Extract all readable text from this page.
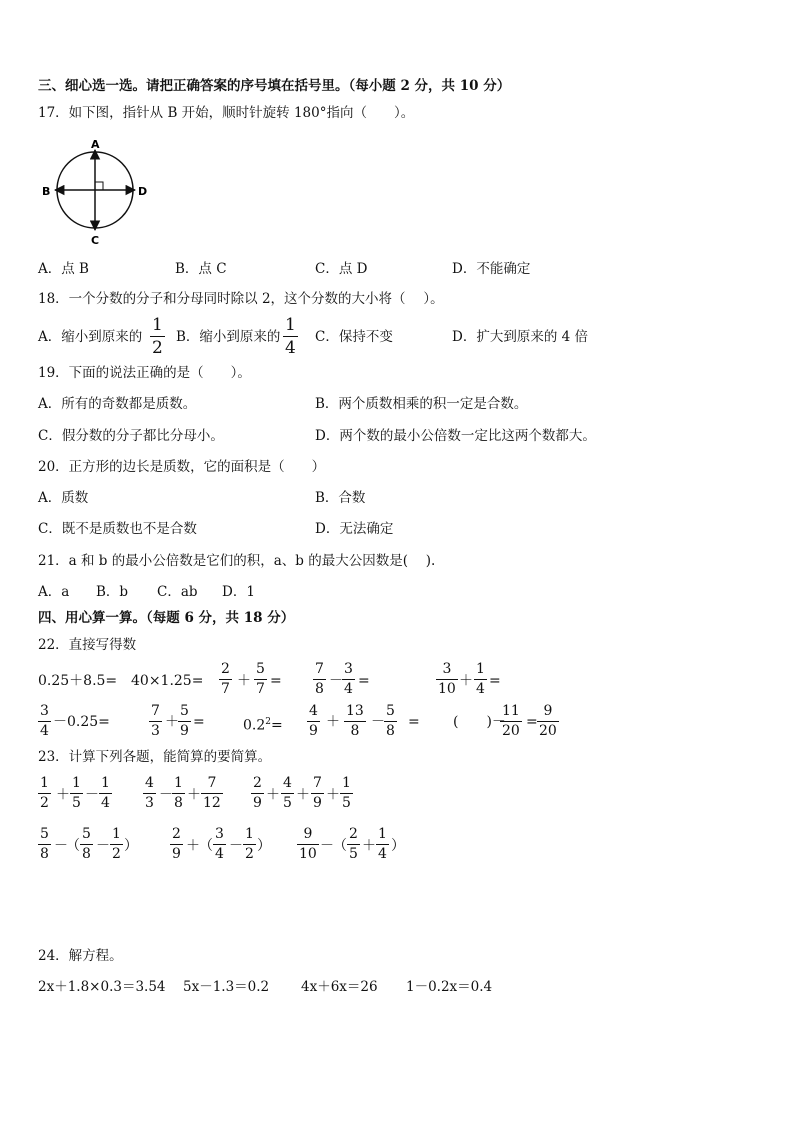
三、细心选一选。请把正确答案的序号填在括号里。（每小题 2 分，共 10 分）
17．如下图，指针从 B 开始，顺时针旋转 180°指向（　　）。
A
B
C
D
A．点 B	B．点 C	C．点 D	D．不能确定
18．一个分数的分子和分母同时除以 2，这个分数的大小将（　 ）。
A．缩小到原来的
1
2
B．缩小到原来的
1
4
C．保持不变	D．扩大到原来的 4 倍
19．下面的说法正确的是（　　）。
A．所有的奇数都是质数。	B．两个质数相乘的积一定是合数。
C．假分数的分子都比分母小。	D．两个数的最小公倍数一定比这两个数都大。
20．正方形的边长是质数，它的面积是（　　）
A．质数	B．合数
C．既不是质数也不是合数	D．无法确定
21．a 和 b 的最小公倍数是它们的积，a、b 的最大公因数是(　 ).
A．a B．b C．ab D．1
四、用心算一算。（每题 6 分，共 18 分）
22．直接写得数
0.25＋8.5= 40×1.25=
2
7 ＋
5
7 =
7
8 －
3
4 =
3
10 ＋
1
4 =
3
4
－0.25=
7
3
＋
5
9
=	$0.2^2=$
4
9
＋
13
8
－
5
8
= (　　)－
11
20
=
9
20
23．计算下列各题，能简算的要简算。
1
2 ＋
1
5 －
1
4
4
3 －
1
8 ＋
7
12
2
9 ＋
4
5 ＋
7
9 ＋
1
5
5
8 －
（
5
8 －
1
2 ）
2
9 ＋ （
3
4 －
1
2 ）
9
10 － （
2
5 ＋
1
4 ）
24．解方程。
2x＋1.8×0.3＝3.54 5x－1.3＝0.2 4x＋6x＝26 1－0.2x＝0.4
